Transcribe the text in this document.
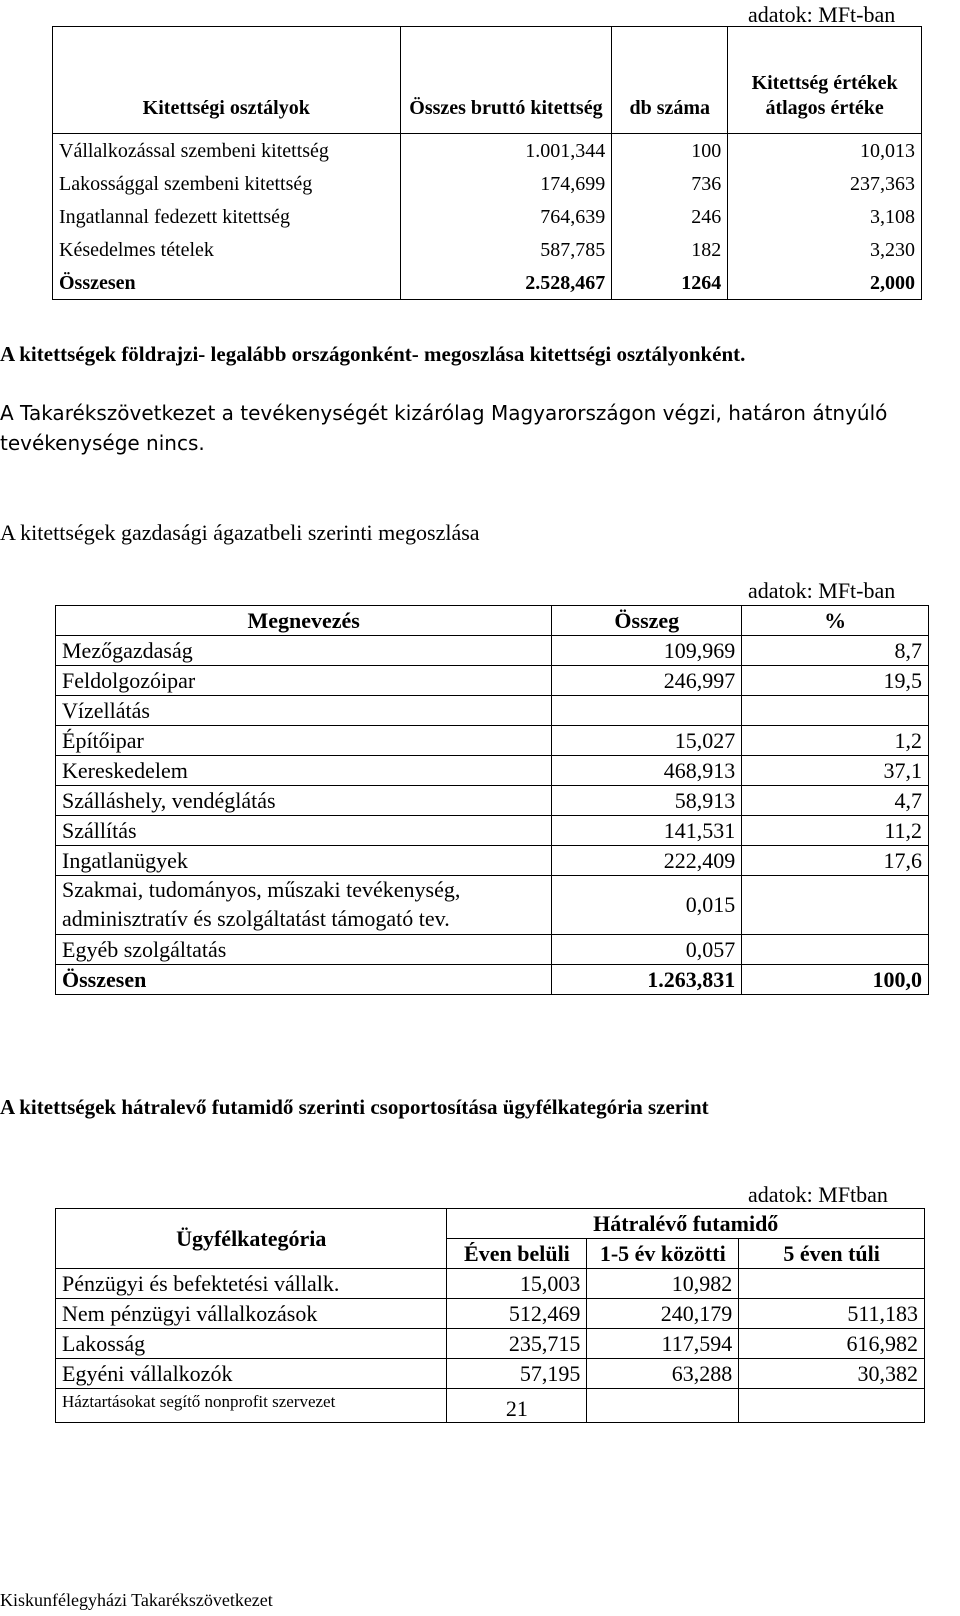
adatok: MFt-ban
Kitettségi osztályok	Összes bruttó kitettség	db száma	Kitettség értékek átlagos értéke
Vállalkozással szembeni kitettség	1.001,344	100	10,013
Lakossággal szembeni kitettség	174,699	736	237,363
Ingatlannal fedezett kitettség	764,639	246	3,108
Késedelmes tételek	587,785	182	3,230
Összesen	2.528,467	1264	2,000
A kitettségek földrajzi- legalább országonként- megoszlása kitettségi osztályonként.
A Takarékszövetkezet a tevékenységét kizárólag Magyarországon végzi, határon átnyúló tevékenysége nincs.
A kitettségek gazdasági ágazatbeli szerinti megoszlása
adatok: MFt-ban
Megnevezés	Összeg	%
Mezőgazdaság	109,969	8,7
Feldolgozóipar	246,997	19,5
Vízellátás		
Építőipar	15,027	1,2
Kereskedelem	468,913	37,1
Szálláshely, vendéglátás	58,913	4,7
Szállítás	141,531	11,2
Ingatlanügyek	222,409	17,6

Szakmai, tudományos, műszaki tevékenység,
adminisztratív és szolgáltatást támogató tev.	0,015	
Egyéb szolgáltatás	0,057	
Összesen	1.263,831	100,0
A kitettségek hátralevő futamidő szerinti csoportosítása ügyfélkategória szerint
adatok: MFtban
Ügyfélkategória	Hátralévő futamidő		
	Éven belüli	1-5 év közötti	5 éven túli
Pénzügyi és befektetési vállalk.	15,003	10,982	
Nem pénzügyi vállalkozások	512,469	240,179	511,183
Lakosság	235,715	117,594	616,982
Egyéni vállalkozók	57,195	63,288	30,382
Háztartásokat segítő nonprofit szervezet	21		
Kiskunfélegyházi Takarékszövetkezet
